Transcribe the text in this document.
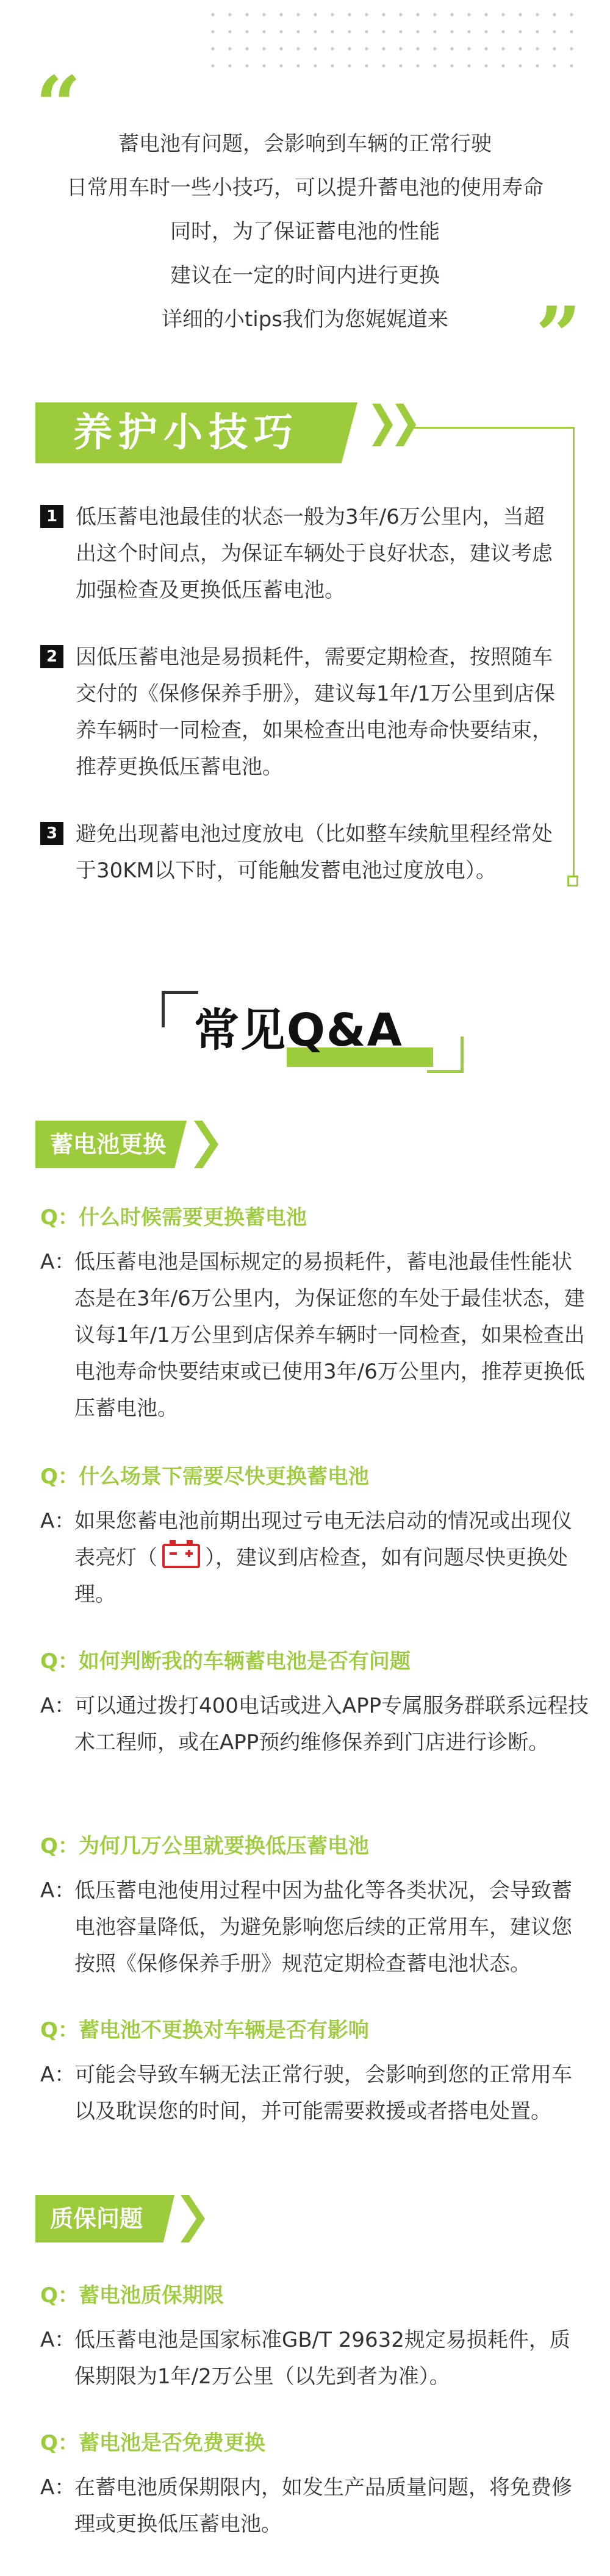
“	蓄电池有问题，会影响到车辆的正常行驶
日常用车时一些小技巧，可以提升蓄电池的使用寿命
同时，为了保证蓄电池的性能
建议在一定的时间内进行更换
详细的小tips我们为您娓娓道来	”
养护小技巧
1 低压蓄电池最佳的状态一般为3年/6万公里内，当超出这个时间点，为保证车辆处于良好状态，建议考虑加强检查及更换低压蓄电池。
2 因低压蓄电池是易损耗件，需要定期检查，按照随车交付的《保修保养手册》，建议每1年/1万公里到店保养车辆时一同检查，如果检查出电池寿命快要结束，推荐更换低压蓄电池。
3 避免出现蓄电池过度放电（比如整车续航里程经常处于30KM以下时，可能触发蓄电池过度放电）。
常见Q&A
蓄电池更换
Q：什么时候需要更换蓄电池
A：
低压蓄电池是国标规定的易损耗件，蓄电池最佳性能状态是在3年/6万公里内，为保证您的车处于最佳状态，建议每1年/1万公里到店保养车辆时一同检查，如果检查出电池寿命快要结束或已使用3年/6万公里内，推荐更换低压蓄电池。
Q：什么场景下需要尽快更换蓄电池
A：
如果您蓄电池前期出现过亏电无法启动的情况或出现仪表亮灯（ ），建议到店检查，如有问题尽快更换处理。
Q：如何判断我的车辆蓄电池是否有问题
A：
可以通过拨打400电话或进入APP专属服务群联系远程技术工程师，或在APP预约维修保养到门店进行诊断。
Q：为何几万公里就要换低压蓄电池
A：
低压蓄电池使用过程中因为盐化等各类状况，会导致蓄电池容量降低，为避免影响您后续的正常用车，建议您按照《保修保养手册》规范定期检查蓄电池状态。
Q：蓄电池不更换对车辆是否有影响
A：
可能会导致车辆无法正常行驶，会影响到您的正常用车以及耽误您的时间，并可能需要救援或者搭电处置。
质保问题
Q：蓄电池质保期限
A：
低压蓄电池是国家标准GB/T 29632规定易损耗件，质保期限为1年/2万公里（以先到者为准）。
Q：蓄电池是否免费更换
A：
在蓄电池质保期限内，如发生产品质量问题，将免费修理或更换低压蓄电池。
